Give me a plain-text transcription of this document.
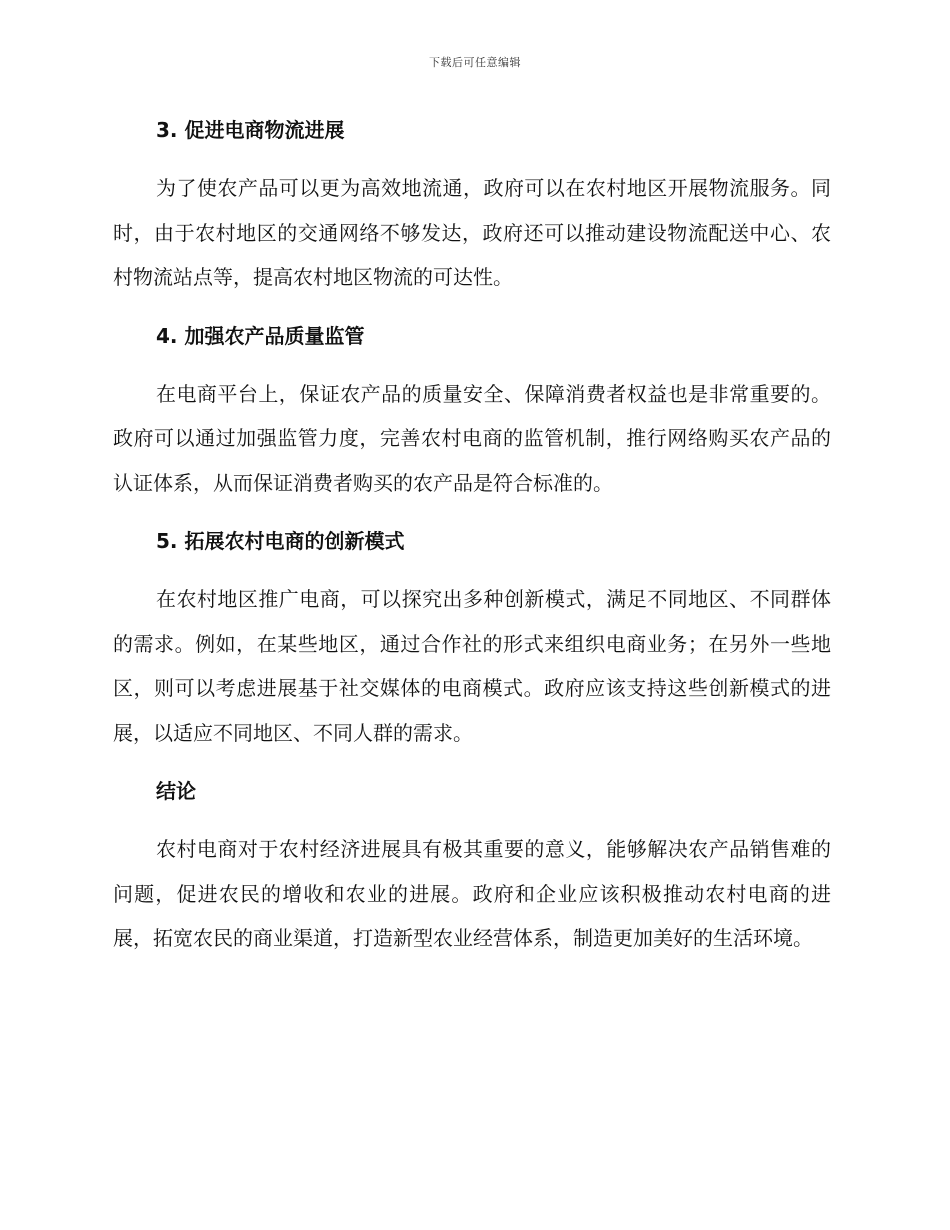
下载后可任意编辑
3. 促进电商物流进展

为了使农产品可以更为高效地流通，政府可以在农村地区开展物流服务。同时，由于农村地区的交通网络不够发达，政府还可以推动建设物流配送中心、农村物流站点等，提高农村地区物流的可达性。

4. 加强农产品质量监管

在电商平台上，保证农产品的质量安全、保障消费者权益也是非常重要的。政府可以通过加强监管力度，完善农村电商的监管机制，推行网络购买农产品的认证体系，从而保证消费者购买的农产品是符合标准的。

5. 拓展农村电商的创新模式

在农村地区推广电商，可以探究出多种创新模式，满足不同地区、不同群体的需求。例如，在某些地区，通过合作社的形式来组织电商业务；在另外一些地区，则可以考虑进展基于社交媒体的电商模式。政府应该支持这些创新模式的进展，以适应不同地区、不同人群的需求。

结论

农村电商对于农村经济进展具有极其重要的意义，能够解决农产品销售难的问题，促进农民的增收和农业的进展。政府和企业应该积极推动农村电商的进展，拓宽农民的商业渠道，打造新型农业经营体系，制造更加美好的生活环境。
